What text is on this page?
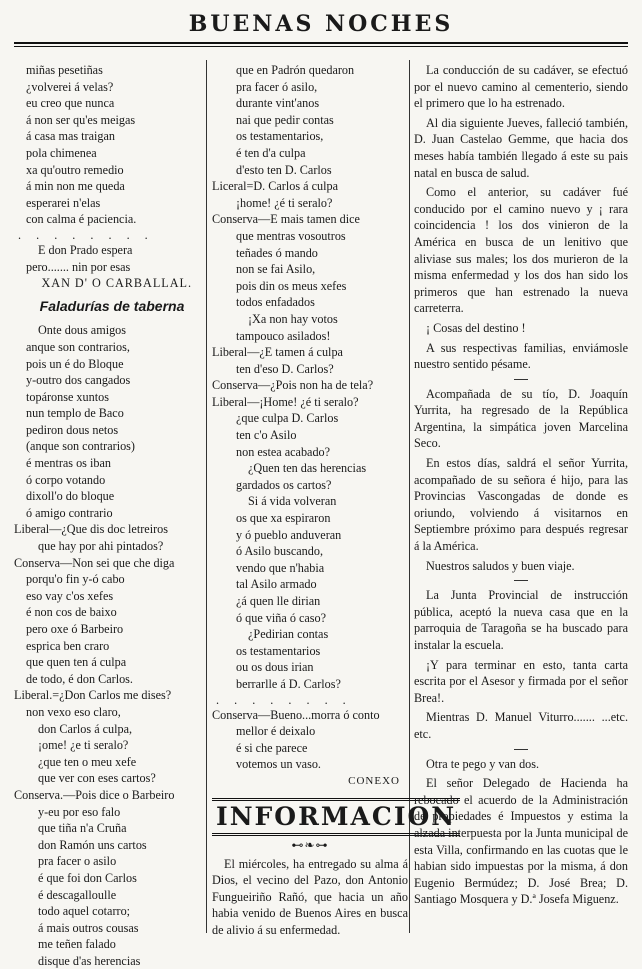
BUENAS NOCHES
miñas pesetiñas
¿volverei á velas?
eu creo que nunca
á non ser qu'es meigas
á casa mas traigan
pola chimenea
xa qu'outro remedio
á min non me queda
esperarei n'elas
con calma é paciencia.
. . . . . . . .
E don Prado espera
pero....... nin por esas
XAN D' O CARBALLAL.
Faladurías de taberna
Onte dous amigos
anque son contrarios,
pois un é do Bloque
y-outro dos cangados
topáronse xuntos
nun templo de Baco
pediron dous netos
(anque son contrarios)
é mentras os iban
ó corpo votando
dixoll'o do bloque
ó amigo contrario
Liberal—¿Que dis doc letreiros
que hay por ahi pintados?
Conserva—Non sei que che diga
porqu'o fin y-ó cabo
eso vay c'os xefes
é non cos de baixo
pero oxe ó Barbeiro
esprica ben craro
que quen ten á culpa
de todo, é don Carlos.
Liberal.=¿Don Carlos me dises?
non vexo eso claro,
don Carlos á culpa,
¡ome! ¿e ti seralo?
¿que ten o meu xefe
que ver con eses cartos?
Conserva.—Pois dice o Barbeiro
y-eu por eso falo
que tiña n'a Cruña
don Ramón uns cartos
pra facer o asilo
é que foi don Carlos
é descagalloulle
todo aquel cotarro;
á mais outros cousas
me teñen falado
disque d'as herencias
que en Padrón quedaron
pra facer ó asilo,
durante vint'anos
nai que pedir contas
os testamentarios,
é ten d'a culpa
d'esto ten D. Carlos
Liceral=D. Carlos á culpa
¡home! ¿é ti seralo?
Conserva—E mais tamen dice
que mentras vosoutros
teñades ó mando
non se fai Asilo,
pois din os meus xefes
todos enfadados
¡Xa non hay votos
tampouco asilados!
Liberal—¿E tamen á culpa
ten d'eso D. Carlos?
Conserva—¿Pois non ha de tela?
Liberal—¡Home! ¿é ti seralo?
¿que culpa D. Carlos
ten c'o Asilo
non estea acabado?
¿Quen ten das herencias
gardados os cartos?
Si á vida volveran
os que xa espiraron
y ó pueblo anduveran
ó Asilo buscando,
vendo que n'habia
tal Asilo armado
¿á quen lle dirian
ó que viña ó caso?
¿Pedirian contas
os testamentarios
ou os dous irian
berrarlle á D. Carlos?
. . . . . . . .
Conserva—Bueno...morra ó conto
mellor é deixalo
é si che parece
votemos un vaso.
CONEXO
INFORMACION
⊷❧⊶

El miércoles, ha entregado su alma á Dios, el vecino del Pazo, don Antonio Fungueiriño Rañó, que hacia un año habia venido de Buenos Aires en busca de alivio á su enfermedad.

La conducción de su cadáver, se efectuó por el nuevo camino al cementerio, siendo el primero que lo ha estrenado.

Al dia siguiente Jueves, falleció también, D. Juan Castelao Gemme, que hacia dos meses había también llegado á este su pais natal en busca de salud.

Como el anterior, su cadáver fué conducido por el camino nuevo y ¡ rara coincidencia ! los dos vinieron de la América en busca de un lenitivo que aliviase sus males; los dos murieron de la misma enfermedad y los dos han sido los primeros que han estrenado la nueva carreterra.

¡ Cosas del destino !

A sus respectivas familias, enviámosle nuestro sentido pésame.

Acompañada de su tío, D. Joaquín Yurrita, ha regresado de la República Argentina, la simpática joven Marcelina Seco.

En estos días, saldrá el señor Yurrita, acompañado de su señora é hijo, para las Provincias Vascongadas de donde es oriundo, volviendo á visitarnos en Septiembre próximo para después regresar á la América.

Nuestros saludos y buen viaje.

La Junta Provincial de instrucción pública, aceptó la nueva casa que en la parroquia de Taragoña se ha buscado para instalar la escuela.

¡Y para terminar en esto, tanta carta escrita por el Asesor y firmada por el señor Brea!.

Mientras D. Manuel Viturro....... ...etc. etc.

Otra te pego y van dos.

El señor Delegado de Hacienda ha rebocado el acuerdo de la Administración de propiedades é Impuestos y estima la alzada interpuesta por la Junta municipal de esta Villa, confirmando en las cuotas que le habian sido impuestas por la misma, á don Eugenio Bermúdez; D. José Brea; D. Santiago Mosquera y D.ª Josefa Miguenz.
